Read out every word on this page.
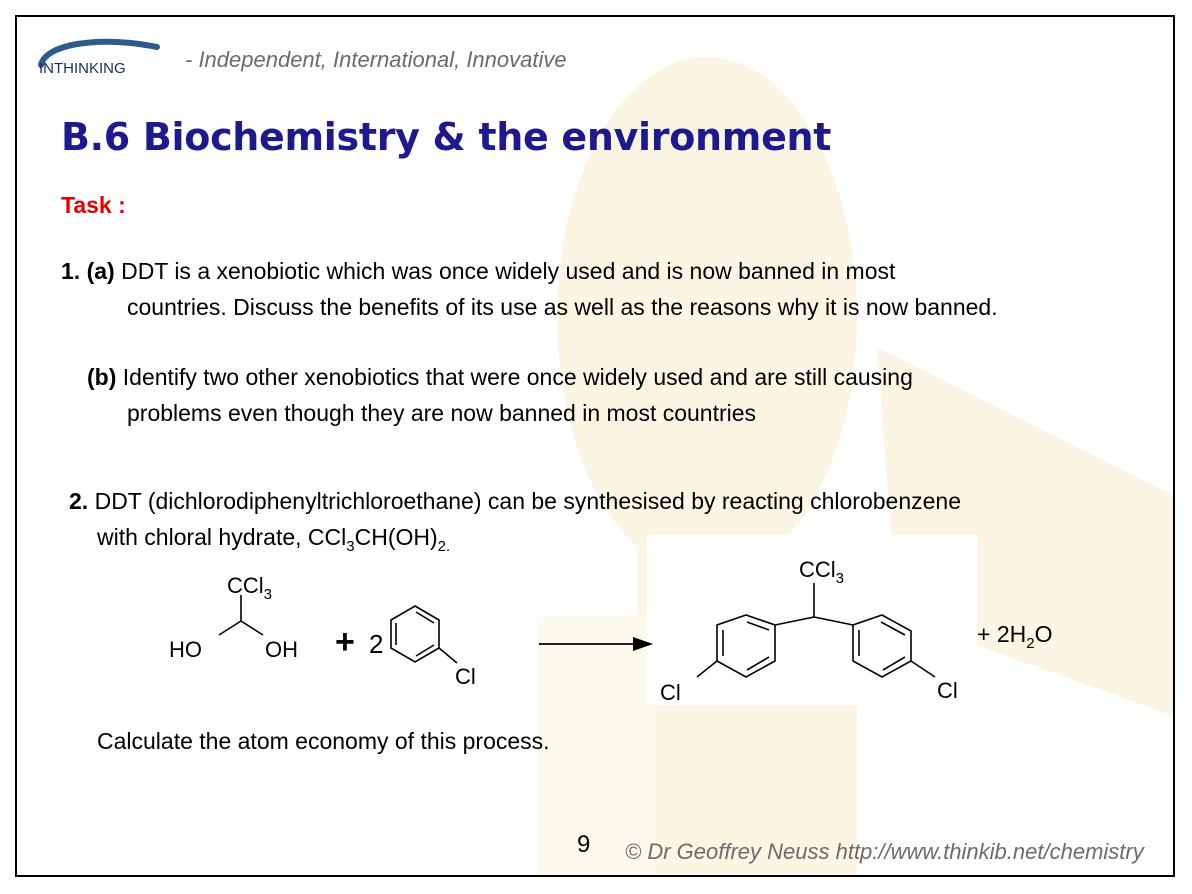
INTHINKING	- Independent, International, Innovative
B.6 Biochemistry & the environment
Task :
1. (a) DDT is a xenobiotic which was once widely used and is now banned in most
countries. Discuss the benefits of its use as well as the reasons why it is now banned.
(b) Identify two other xenobiotics that were once widely used and are still causing
problems even though they are now banned in most countries
2. DDT (dichlorodiphenyltrichloroethane) can be synthesised by reacting chlorobenzene
with chloral hydrate, $CCl_3CH(OH)_{2.}$
CCl$_3$
HO	OH + 2
Cl
CCl$_3$
Cl	Cl
+ $2H_2O$
Calculate the atom economy of this process.
9 © Dr Geoffrey Neuss http://www.thinkib.net/chemistry
